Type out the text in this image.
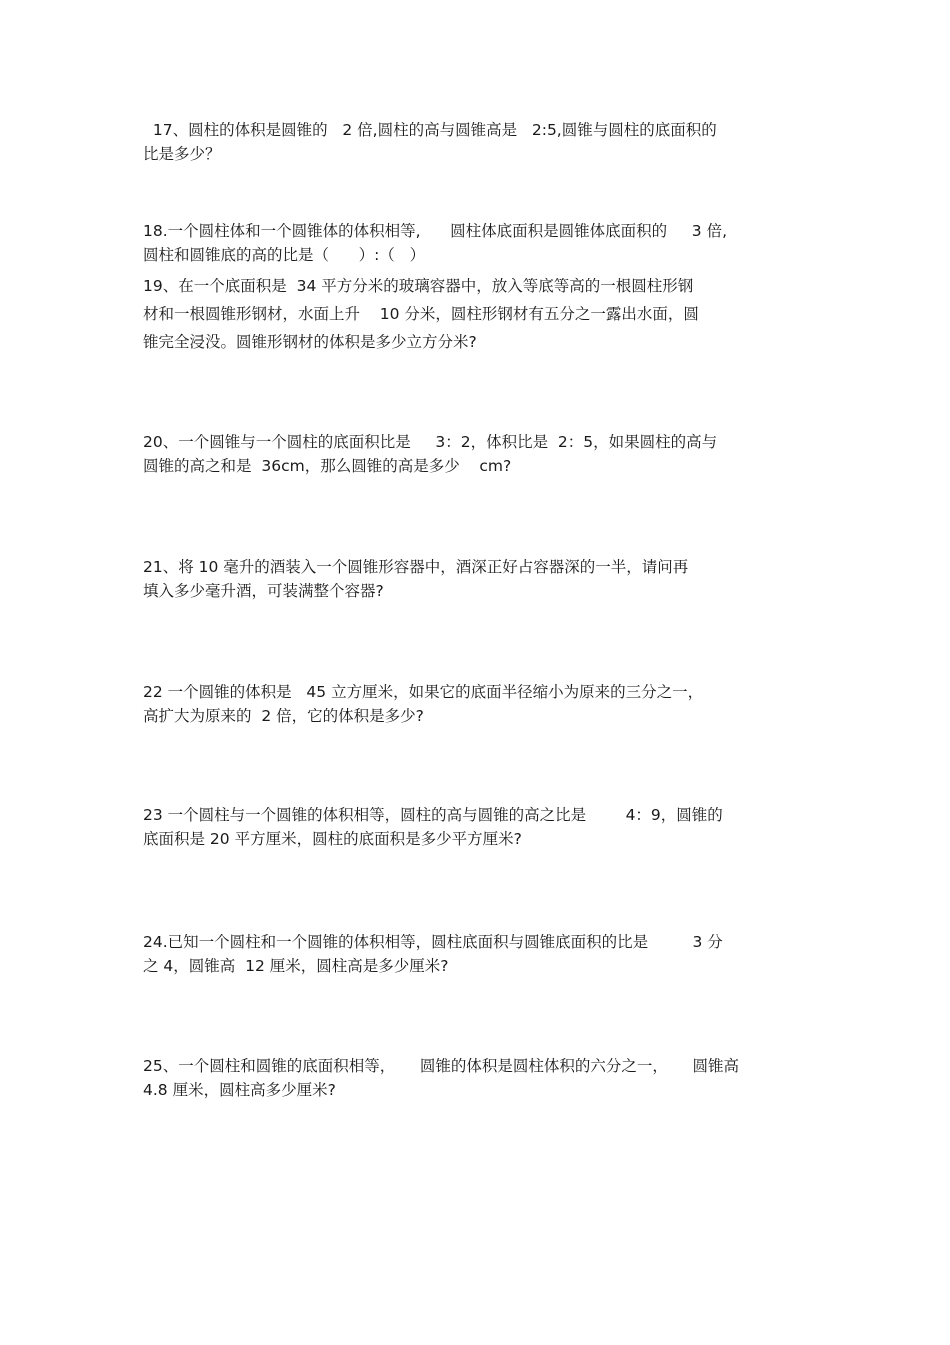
17、圆柱的体积是圆锥的   2 倍,圆柱的高与圆锥高是   2:5,圆锥与圆柱的底面积的
比是多少？
18.一个圆柱体和一个圆锥体的体积相等,      圆柱体底面积是圆锥体底面积的     3 倍,
圆柱和圆锥底的高的比是（      ）:（   ）
19、在一个底面积是  34 平方分米的玻璃容器中，放入等底等高的一根圆柱形钢
材和一根圆锥形钢材，水面上升    10 分米，圆柱形钢材有五分之一露出水面，圆
锥完全浸没。圆锥形钢材的体积是多少立方分米?
20、一个圆锥与一个圆柱的底面积比是     3：2，体积比是  2：5，如果圆柱的高与
圆锥的高之和是  36cm，那么圆锥的高是多少    cm?
21、将 10 毫升的酒装入一个圆锥形容器中，酒深正好占容器深的一半，请问再
填入多少毫升酒，可装满整个容器?
22 一个圆锥的体积是   45 立方厘米，如果它的底面半径缩小为原来的三分之一，
高扩大为原来的  2 倍，它的体积是多少?
23 一个圆柱与一个圆锥的体积相等，圆柱的高与圆锥的高之比是        4：9，圆锥的
底面积是 20 平方厘米，圆柱的底面积是多少平方厘米?
24.已知一个圆柱和一个圆锥的体积相等，圆柱底面积与圆锥底面积的比是         3 分
之 4，圆锥高  12 厘米，圆柱高是多少厘米?
25、一个圆柱和圆锥的底面积相等，     圆锥的体积是圆柱体积的六分之一，     圆锥高
4.8 厘米，圆柱高多少厘米?
